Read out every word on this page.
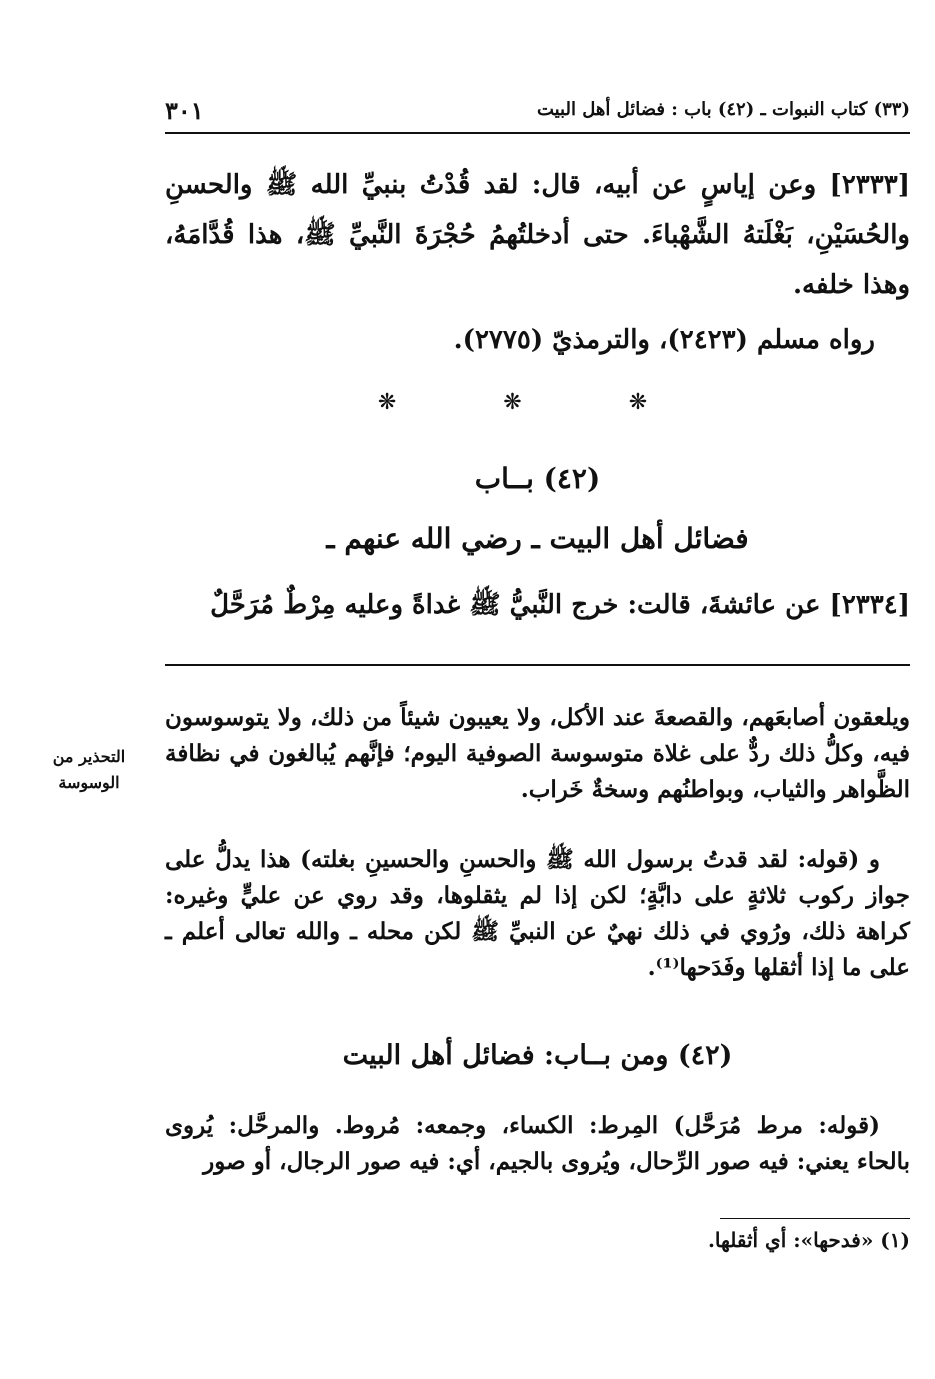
٣٠١	(٣٣) كتاب النبوات ـ (٤٢) باب : فضائل أهل البيت
[٢٣٣٣] وعن إياسٍ عن أبيه، قال: لقد قُدْتُ بنبيِّ الله ﷺ والحسنِ والحُسَيْنِ، بَغْلَتهُ الشَّهْباءَ. حتى أدخلتُهمُ حُجْرَةَ النَّبيِّ ﷺ، هذا قُدَّامَهُ، وهذا خلفه.
رواه مسلم (٢٤٢٣)، والترمذيّ (٢٧٧٥).
❋ ❋ ❋
(٤٢) بــاب
فضائل أهل البيت ـ رضي الله عنهم ـ
[٢٣٣٤] عن عائشةَ، قالت: خرج النَّبيُّ ﷺ غداةً وعليه مِرْطٌ مُرَحَّلٌ
ويلعقون أصابعَهم، والقصعةَ عند الأكل، ولا يعيبون شيئاً من ذلك، ولا يتوسوسون فيه، وكلُّ ذلك ردٌّ على غلاة متوسوسة الصوفية اليوم؛ فإنَّهم يُبالغون في نظافة الظَّواهر والثياب، وبواطنُهم وسخةٌ خَراب.
التحذير من الوسوسة
و (قوله: لقد قدتُ برسول الله ﷺ والحسنِ والحسينِ بغلته) هذا يدلُّ على جواز ركوب ثلاثةٍ على دابَّةٍ؛ لكن إذا لم يثقلوها، وقد روي عن عليٍّ وغيره: كراهة ذلك، ورُوي في ذلك نهيٌ عن النبيِّ ﷺ لكن محله ـ والله تعالى أعلم ـ على ما إذا أثقلها وفَدَحها⁽¹⁾.
(٤٢) ومن بــاب: فضائل أهل البيت
(قوله: مرط مُرَحَّل) المِرط: الكساء، وجمعه: مُروط. والمرحَّل: يُروى بالحاء يعني: فيه صور الرِّحال، ويُروى بالجيم، أي: فيه صور الرجال، أو صور
(١) «فدحها»: أي أثقلها.
